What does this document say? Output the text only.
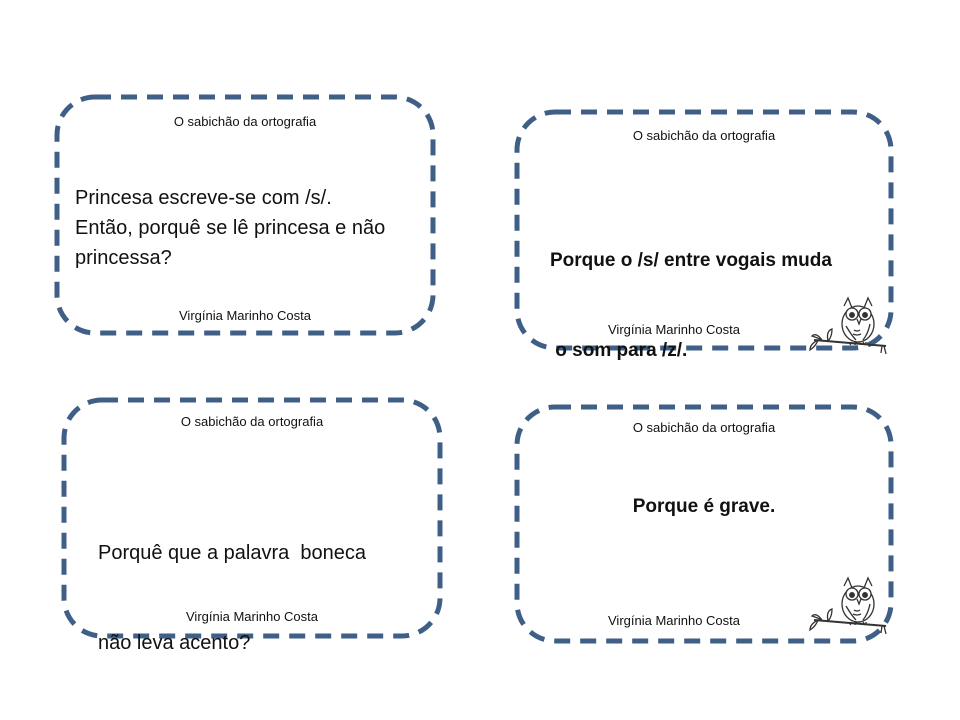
O sabichão da ortografia
Princesa escreve-se com /s/.
Então, porquê se lê princesa e não
princessa?
Virgínia Marinho Costa
O sabichão da ortografia

Porque o /s/ entre vogais muda

o som para /z/.

Virgínia Marinho Costa
O sabichão da ortografia

Porquê que a palavra  boneca

não leva acento?

Virgínia Marinho Costa
O sabichão da ortografia
Porque é grave.
Virgínia Marinho Costa
